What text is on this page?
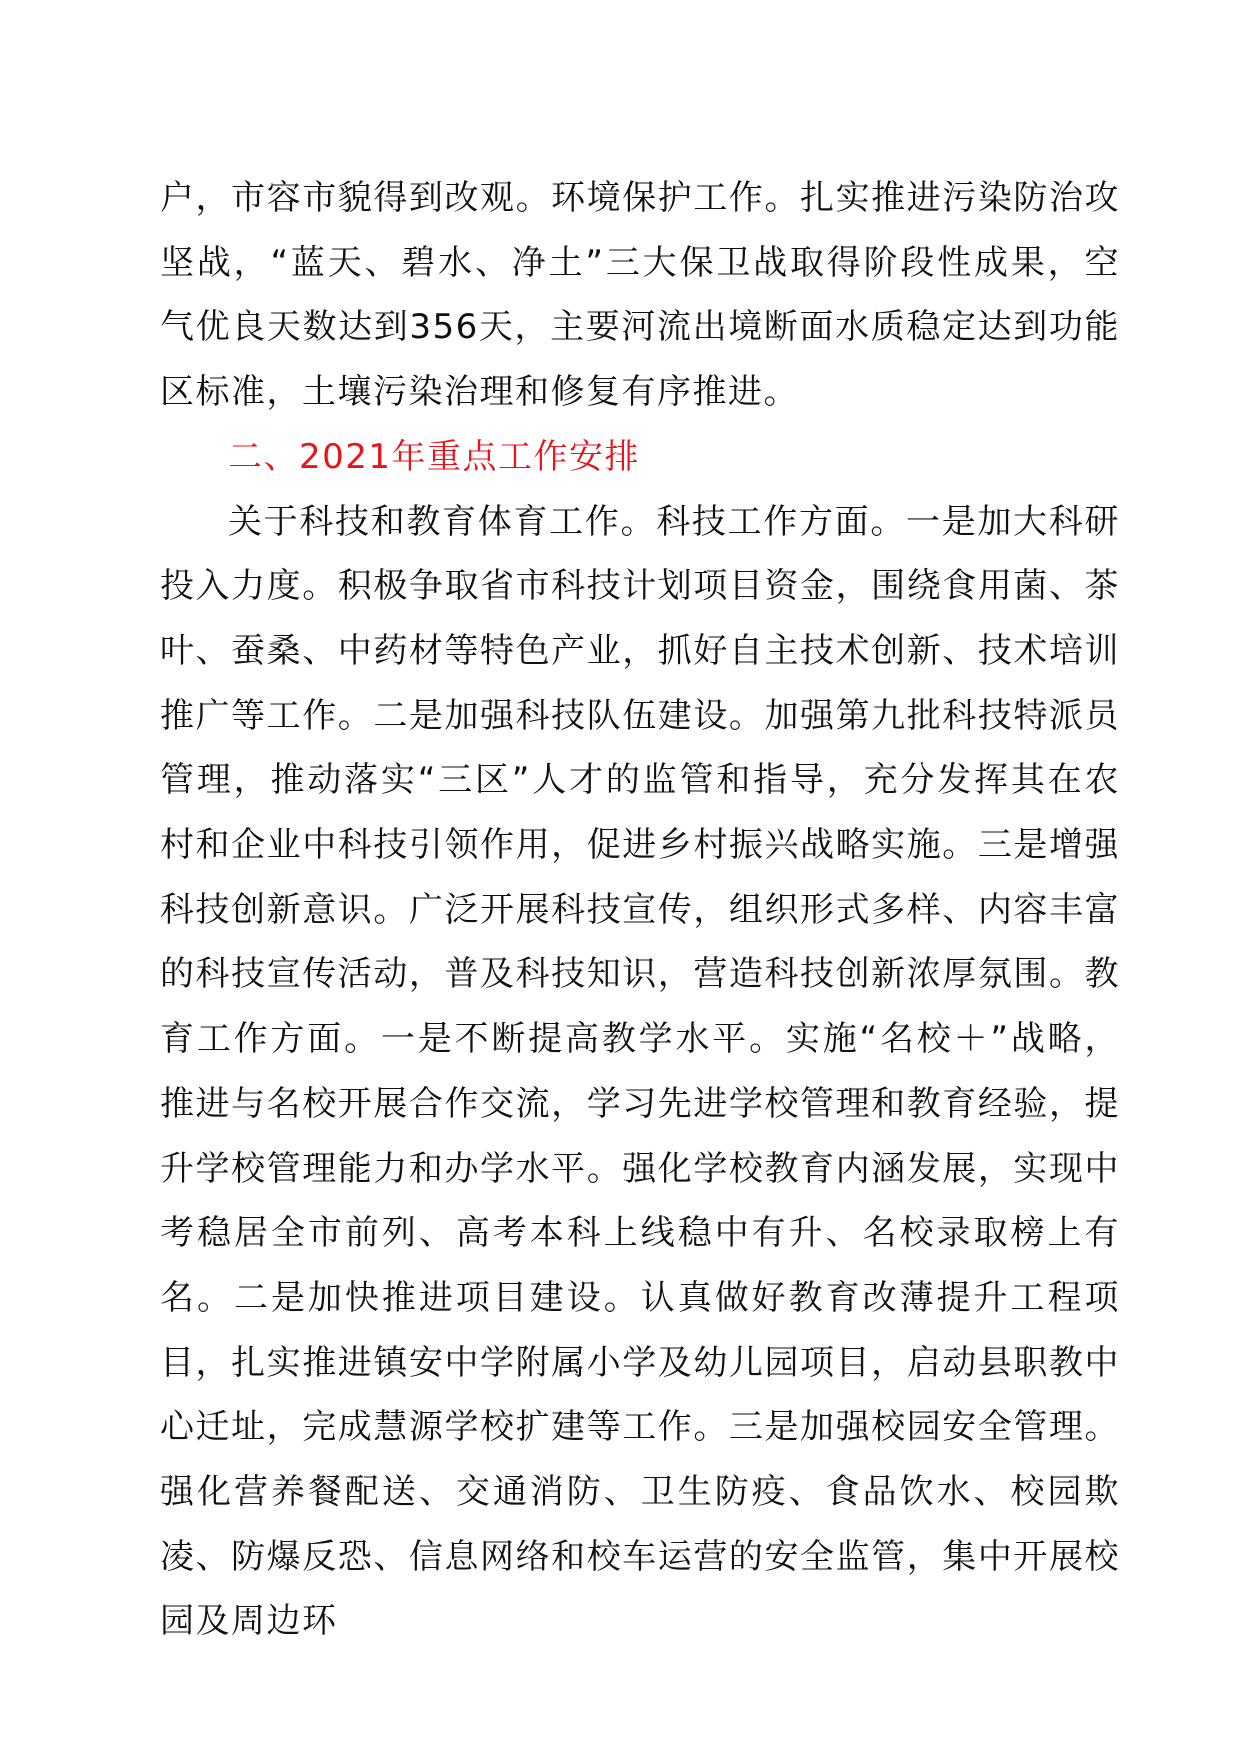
户，市容市貌得到改观。环境保护工作。扎实推进污染防治攻坚战，“蓝天、碧水、净土”三大保卫战取得阶段性成果，空气优良天数达到356天，主要河流出境断面水质稳定达到功能区标准，土壤污染治理和修复有序推进。

二、2021年重点工作安排

关于科技和教育体育工作。科技工作方面。一是加大科研投入力度。积极争取省市科技计划项目资金，围绕食用菌、茶叶、蚕桑、中药材等特色产业，抓好自主技术创新、技术培训推广等工作。二是加强科技队伍建设。加强第九批科技特派员管理，推动落实“三区”人才的监管和指导，充分发挥其在农村和企业中科技引领作用，促进乡村振兴战略实施。三是增强科技创新意识。广泛开展科技宣传，组织形式多样、内容丰富的科技宣传活动，普及科技知识，营造科技创新浓厚氛围。教育工作方面。一是不断提高教学水平。实施“名校＋”战略，推进与名校开展合作交流，学习先进学校管理和教育经验，提升学校管理能力和办学水平。强化学校教育内涵发展，实现中考稳居全市前列、高考本科上线稳中有升、名校录取榜上有名。二是加快推进项目建设。认真做好教育改薄提升工程项目，扎实推进镇安中学附属小学及幼儿园项目，启动县职教中心迁址，完成慧源学校扩建等工作。三是加强校园安全管理。强化营养餐配送、交通消防、卫生防疫、食品饮水、校园欺凌、防爆反恐、信息网络和校车运营的安全监管，集中开展校园及周边环
